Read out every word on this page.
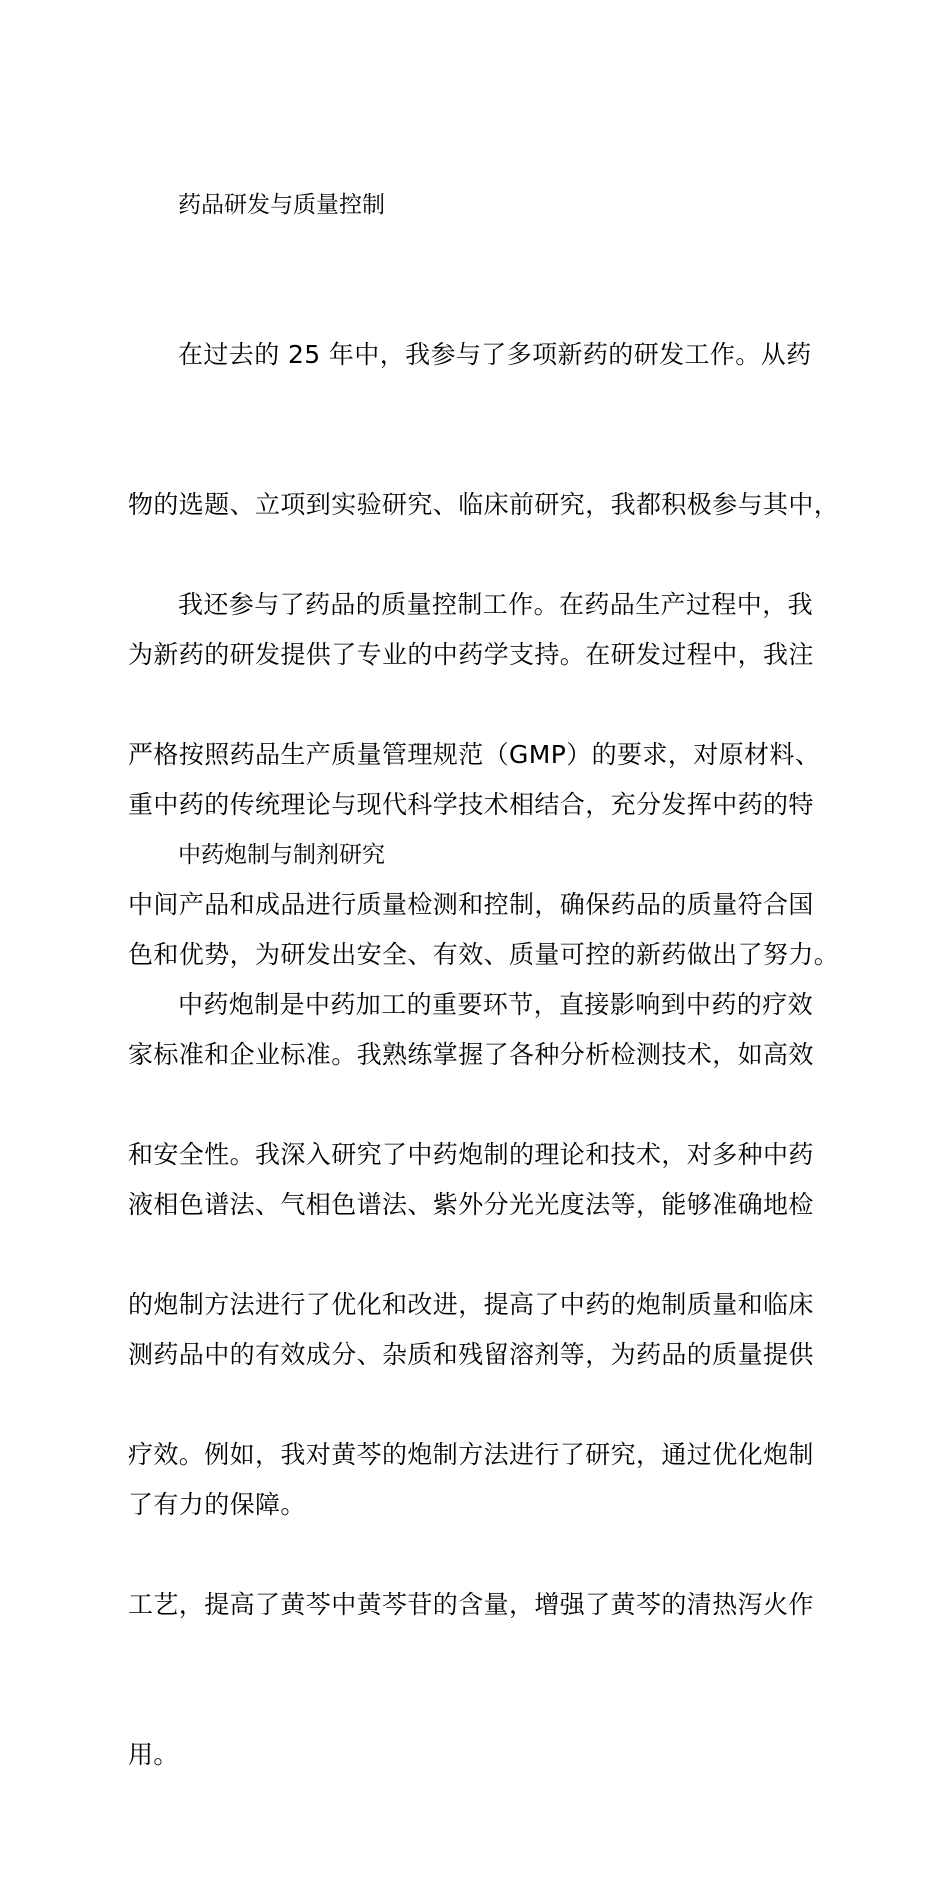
药品研发与质量控制

在过去的 25 年中，我参与了多项新药的研发工作。从药

物的选题、立项到实验研究、临床前研究，我都积极参与其中，

为新药的研发提供了专业的中药学支持。在研发过程中，我注

重中药的传统理论与现代科学技术相结合，充分发挥中药的特

色和优势，为研发出安全、有效、质量可控的新药做出了努力。

我还参与了药品的质量控制工作。在药品生产过程中，我

严格按照药品生产质量管理规范（GMP）的要求，对原材料、

中间产品和成品进行质量检测和控制，确保药品的质量符合国

家标准和企业标准。我熟练掌握了各种分析检测技术，如高效

液相色谱法、气相色谱法、紫外分光光度法等，能够准确地检

测药品中的有效成分、杂质和残留溶剂等，为药品的质量提供

了有力的保障。

中药炮制与制剂研究

中药炮制是中药加工的重要环节，直接影响到中药的疗效

和安全性。我深入研究了中药炮制的理论和技术，对多种中药

的炮制方法进行了优化和改进，提高了中药的炮制质量和临床

疗效。例如，我对黄芩的炮制方法进行了研究，通过优化炮制

工艺，提高了黄芩中黄芩苷的含量，增强了黄芩的清热泻火作

用。
